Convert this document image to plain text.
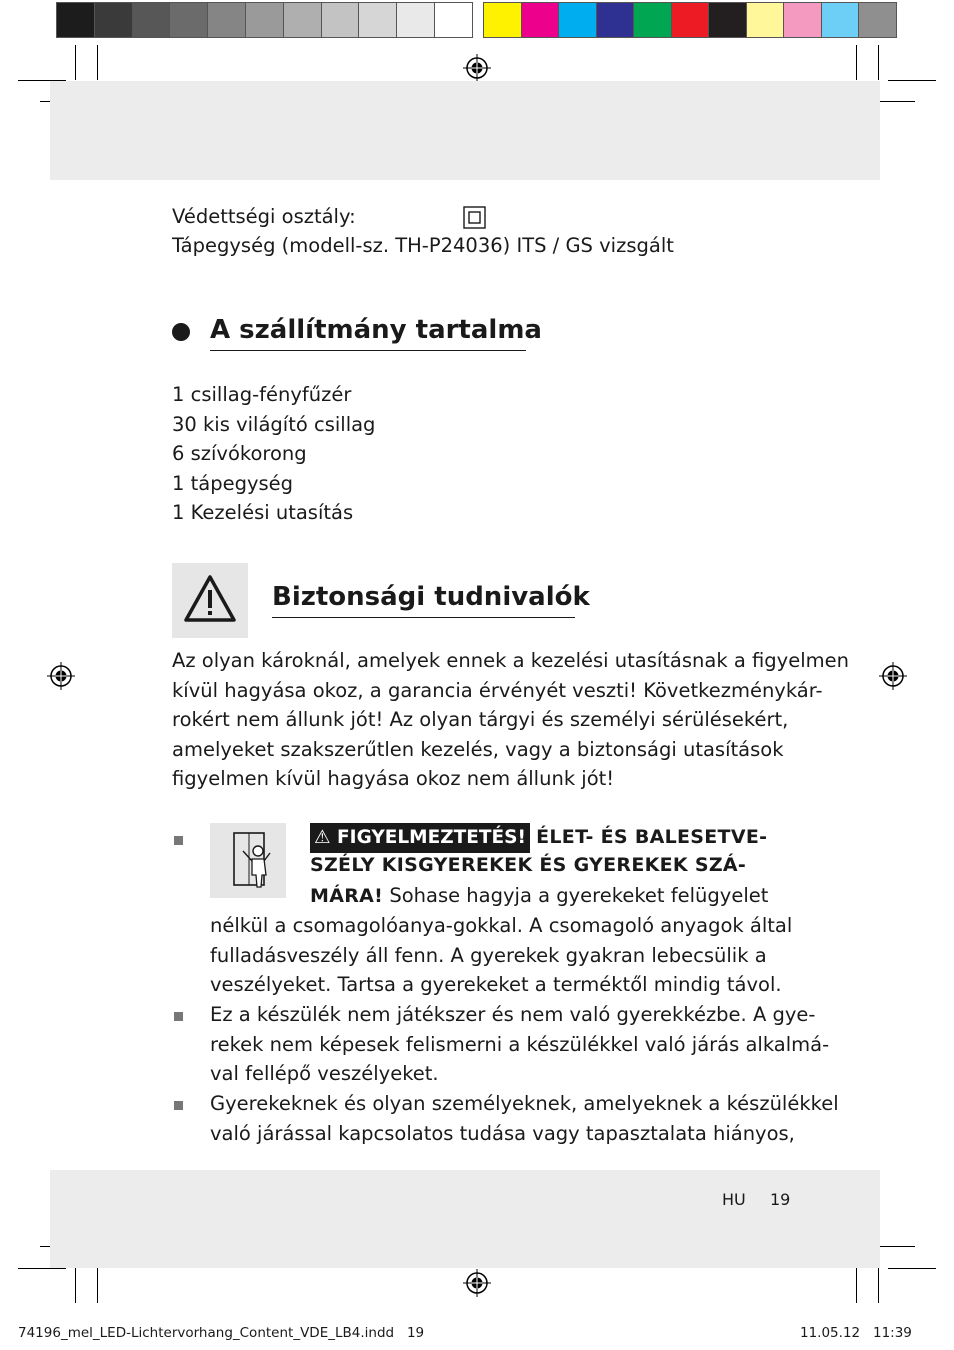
Védettségi osztály:
Tápegység (modell-sz. TH-P24036) ITS / GS vizsgált
A szállítmány tartalma
1 csillag-fényfűzér
30 kis világító csillag
6 szívókorong
1 tápegység
1 Kezelési utasítás
Biztonsági tudnivalók
Az olyan károknál, amelyek ennek a kezelési utasításnak a figyelmen
kívül hagyása okoz, a garancia érvényét veszti! Következménykár-
rokért nem állunk jót! Az olyan tárgyi és személyi sérülésekért,
amelyeket szakszerűtlen kezelés, vagy a biztonsági utasítások
figyelmen kívül hagyása okoz nem állunk jót!
⚠ FIGYELMEZTETÉS! ÉLET- ÉS BALESETVE-
SZÉLY KISGYEREKEK ÉS GYEREKEK SZÁ-
MÁRA! Sohase hagyja a gyerekeket felügyelet
nélkül a csomagolóanya-gokkal. A csomagoló anyagok által
fulladásveszély áll fenn. A gyerekek gyakran lebecsülik a
veszélyeket. Tartsa a gyerekeket a terméktől mindig távol.
Ez a készülék nem játékszer és nem való gyerekkézbe. A gye-
rekek nem képesek felismerni a készülékkel való járás alkalmá-
val fellépő veszélyeket.
Gyerekeknek és olyan személyeknek, amelyeknek a készülékkel
való járással kapcsolatos tudása vagy tapasztalata hiányos,
HU 19
74196_mel_LED-Lichtervorhang_Content_VDE_LB4.indd   19	11.05.12   11:39
